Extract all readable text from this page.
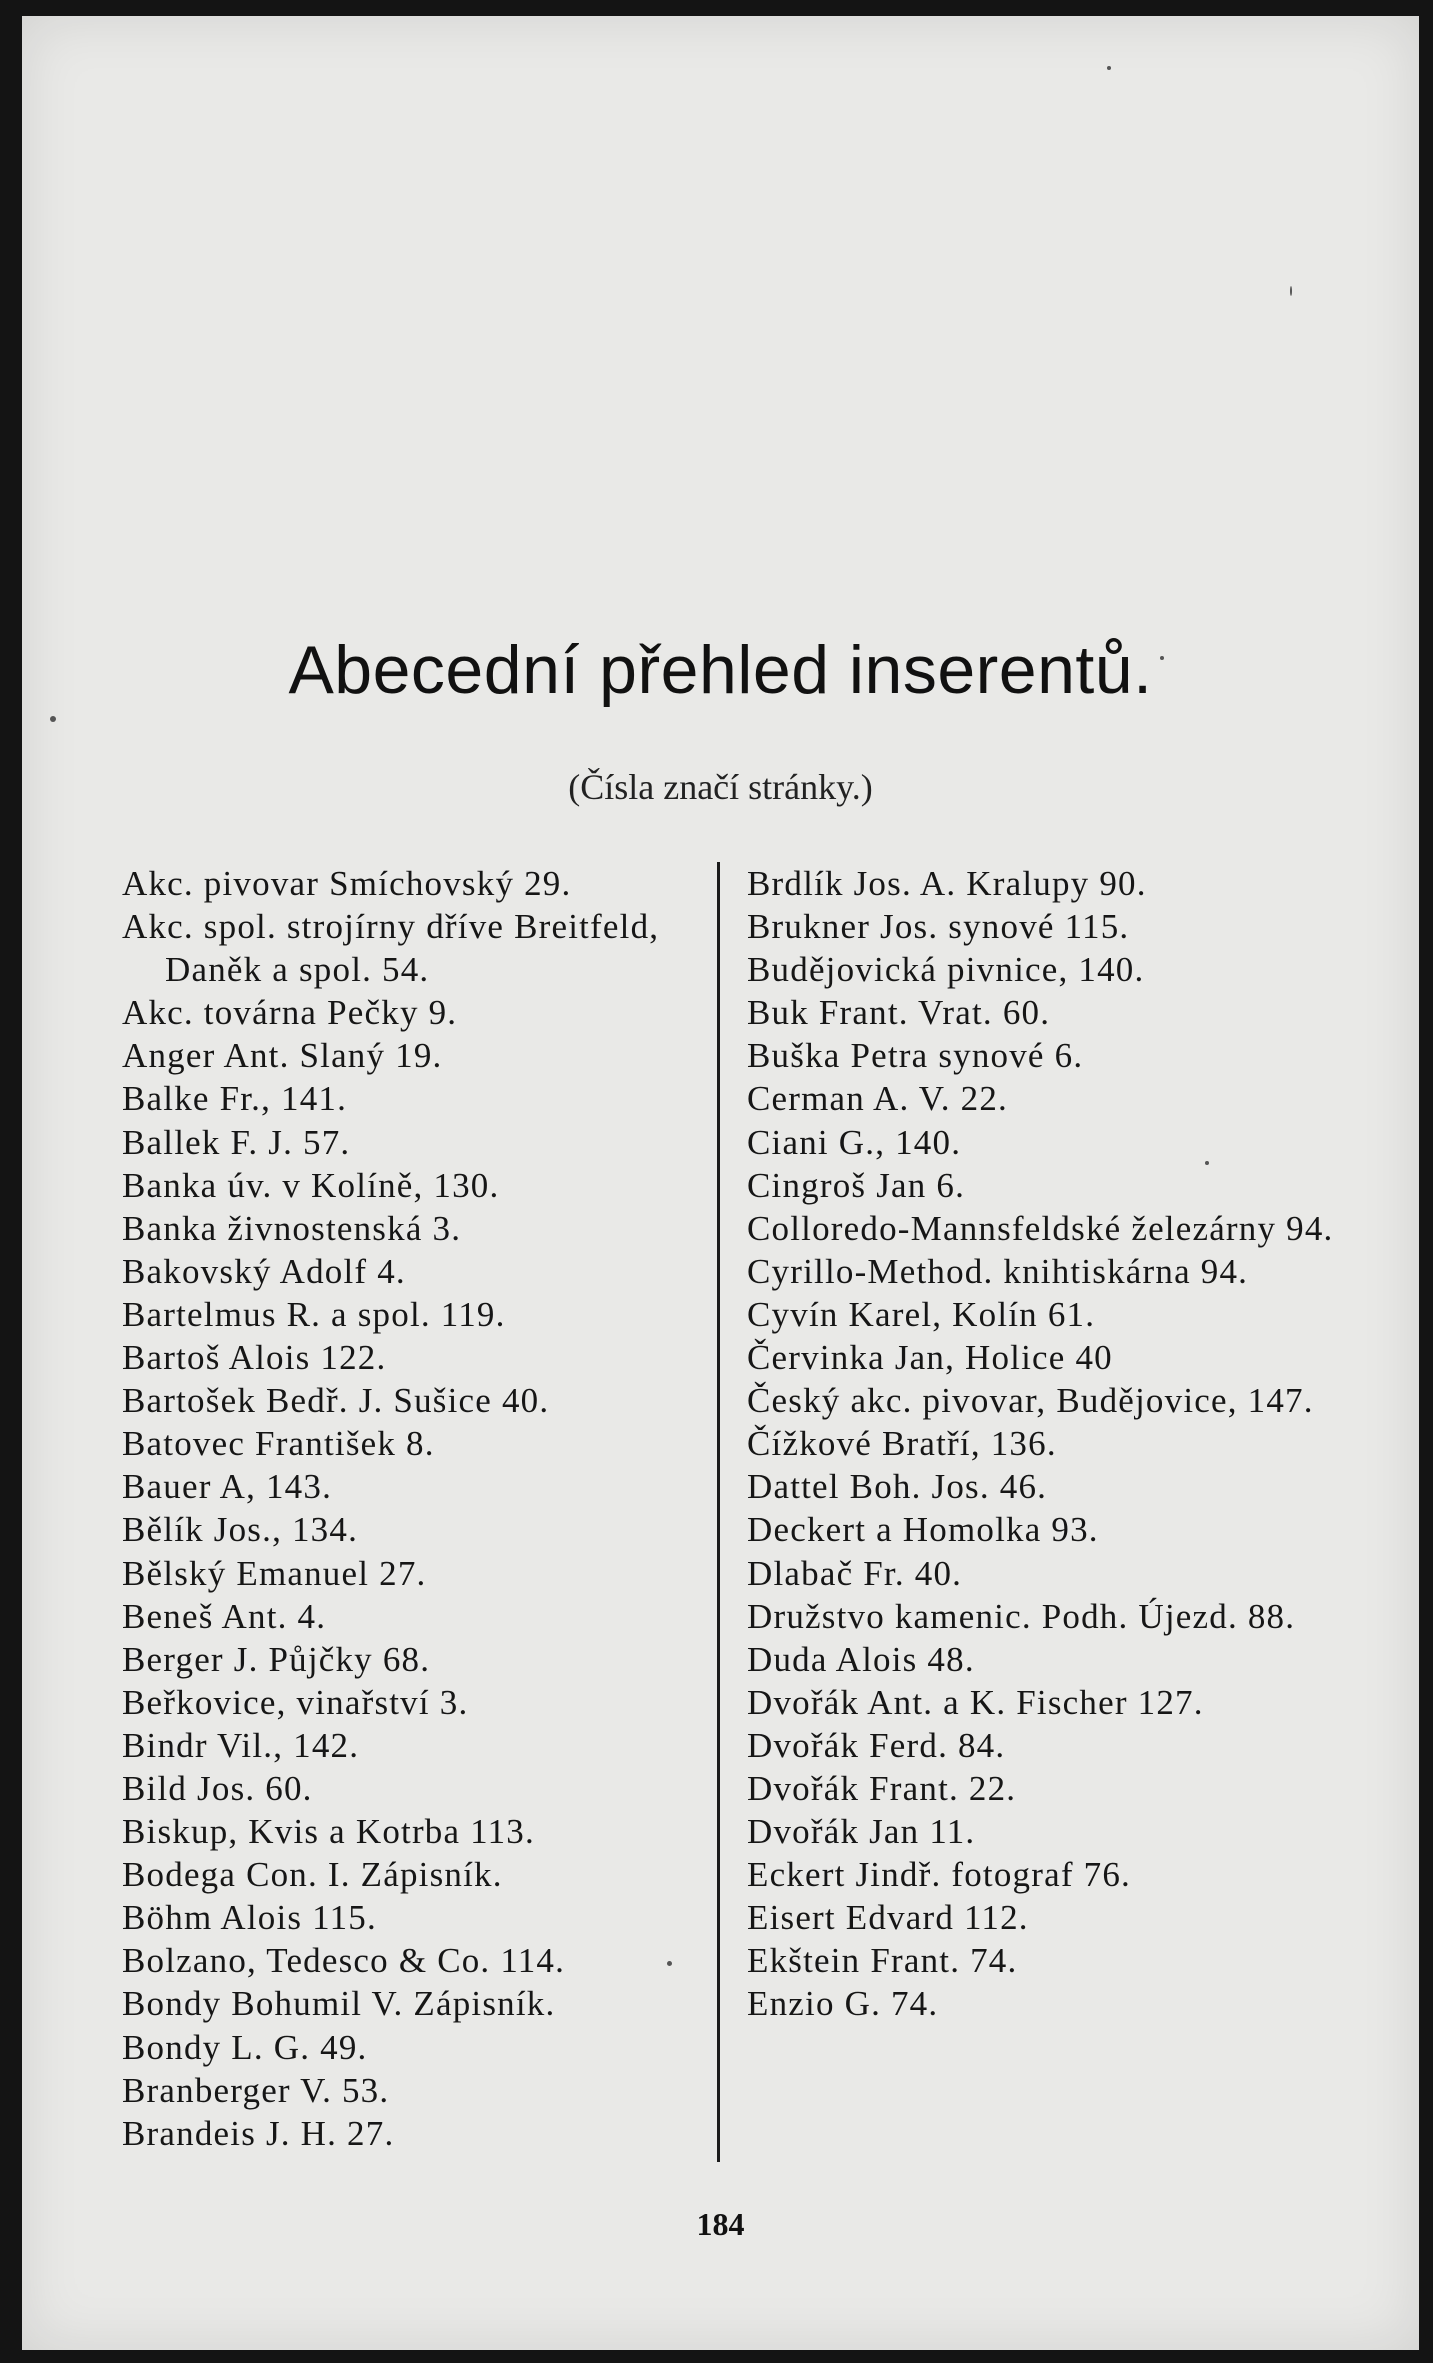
Abecední přehled inserentů.

(Čísla značí stránky.)

Akc. pivovar Smíchovský 29.
Akc. spol. strojírny dříve Breitfeld, Daněk a spol. 54.
Akc. továrna Pečky 9.
Anger Ant. Slaný 19.
Balke Fr., 141.
Ballek F. J. 57.
Banka úv. v Kolíně, 130.
Banka živnostenská 3.
Bakovský Adolf 4.
Bartelmus R. a spol. 119.
Bartoš Alois 122.
Bartošek Bedř. J. Sušice 40.
Batovec František 8.
Bauer A, 143.
Bělík Jos., 134.
Bělský Emanuel 27.
Beneš Ant. 4.
Berger J. Půjčky 68.
Beřkovice, vinařství 3.
Bindr Vil., 142.
Bild Jos. 60.
Biskup, Kvis a Kotrba 113.
Bodega Con. I. Zápisník.
Böhm Alois 115.
Bolzano, Tedesco & Co. 114.
Bondy Bohumil V. Zápisník.
Bondy L. G. 49.
Branberger V. 53.
Brandeis J. H. 27.
Brdlík Jos. A. Kralupy 90.
Brukner Jos. synové 115.
Budějovická pivnice, 140.
Buk Frant. Vrat. 60.
Buška Petra synové 6.
Cerman A. V. 22.
Ciani G., 140.
Cingroš Jan 6.
Colloredo-Mannsfeldské železárny 94.
Cyrillo-Method. knihtiskárna 94.
Cyvín Karel, Kolín 61.
Červinka Jan, Holice 40
Český akc. pivovar, Budějovice, 147.
Čížkové Bratří, 136.
Dattel Boh. Jos. 46.
Deckert a Homolka 93.
Dlabač Fr. 40.
Družstvo kamenic. Podh. Újezd. 88.
Duda Alois 48.
Dvořák Ant. a K. Fischer 127.
Dvořák Ferd. 84.
Dvořák Frant. 22.
Dvořák Jan 11.
Eckert Jindř. fotograf 76.
Eisert Edvard 112.
Ekštein Frant. 74.
Enzio G. 74.

184
